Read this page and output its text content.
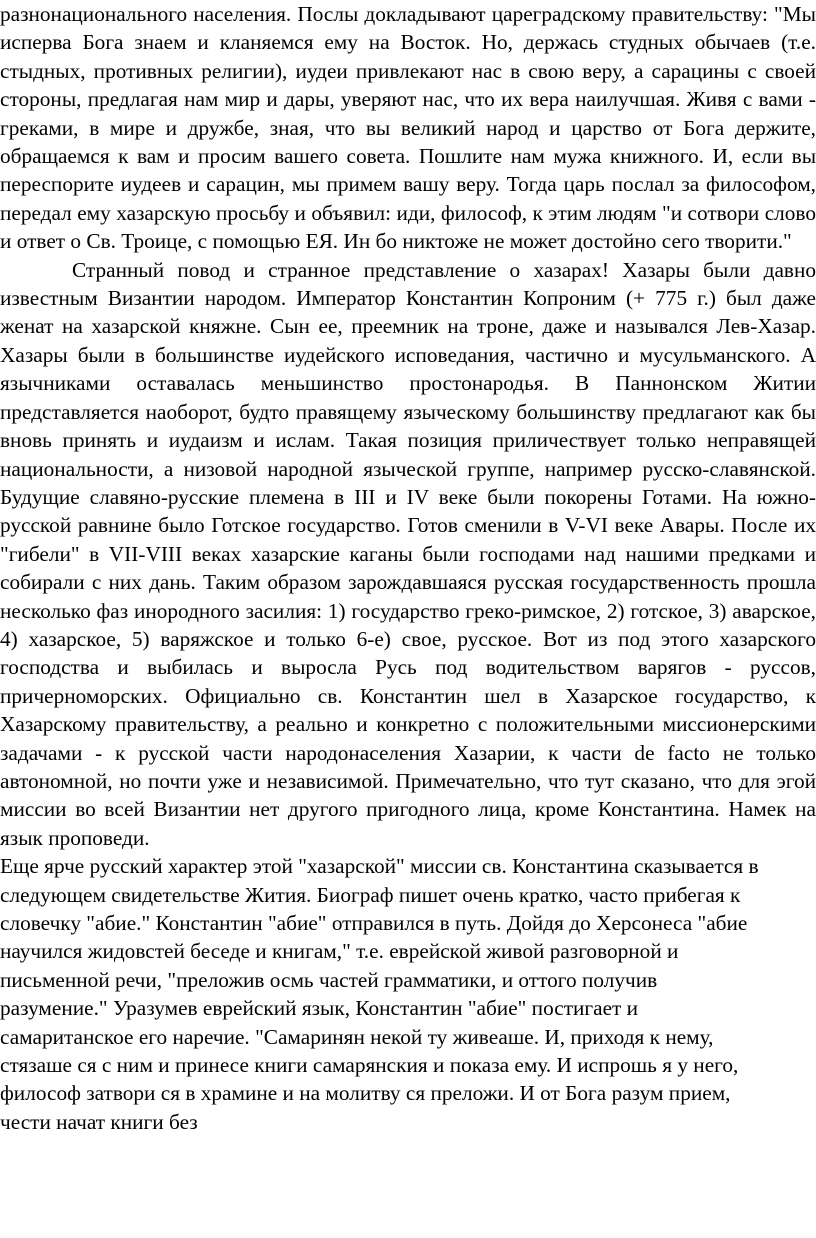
разнонационального населения. Послы докладывают цареградскому правительству: "Мы исперва Бога знаем и кланяемся ему на Восток. Но, держась студных обычаев (т.е. стыдных, противных религии), иудеи привлекают нас в свою веру, а сарацины с своей стороны, предлагая нам мир и дары, уверяют нас, что их вера наилучшая. Живя с вами - греками, в мире и дружбе, зная, что вы великий народ и царство от Бога держите, обращаемся к вам и просим вашего совета. Пошлите нам мужа книжного. И, если вы переспорите иудеев и сарацин, мы примем вашу веру. Тогда царь послал за философом, передал ему хазарскую просьбу и объявил: иди, философ, к этим людям "и сотвори слово и ответ о Св. Троице, с помощью ЕЯ. Ин бо никтоже не может достойно сего творити."

Странный повод и странное представление о хазарах! Хазары были давно известным Византии народом. Император Константин Копроним (+ 775 г.) был даже женат на хазарской княжне. Сын ее, преемник на троне, даже и назывался Лев-Хазар. Хазары были в большинстве иудейского исповедания, частично и мусульманского. А язычниками оставалась меньшинство простонародья. В Паннонском Житии представляется наоборот, будто правящему языческому большинству предлагают как бы вновь принять и иудаизм и ислам. Такая позиция приличествует только неправящей национальности, а низовой народной языческой группе, например русско-славянской. Будущие славяно-русские племена в III и IV веке были покорены Готами. На южно-русской равнине было Готское государство. Готов сменили в V-VI веке Авары. После их "гибели" в VII-VIII веках хазарские каганы были господами над нашими предками и собирали с них дань. Таким образом зарождавшаяся русская государственность прошла несколько фаз инородного засилия: 1) государство греко-римское, 2) готское, 3) аварское, 4) хазарское, 5) варяжское и только 6-е) свое, русское. Вот из под этого хазарского господства и выбилась и выросла Русь под водительством варягов - руссов, причерноморских. Официально св. Константин шел в Хазарское государство, к Хазарскому правительству, а реально и конкретно с положительными миссионерскими задачами - к русской части народонаселения Хазарии, к части de facto не только автономной, но почти уже и независимой. Примечательно, что тут сказано, что для эгой миссии во всей Византии нет другого пригодного лица, кроме Константина. Намек на язык проповеди.

Еще ярче русский характер этой "хазарской" миссии св. Константина сказывается в следующем свидетельстве Жития. Биограф пишет очень кратко, часто прибегая к словечку "абие." Константин "абие" отправился в путь. Дойдя до Херсонеса "абие научился жидовстей беседе и книгам," т.е. еврейской живой разговорной и письменной речи, "преложив осмь частей грамматики, и оттого получив разумение." Уразумев еврейский язык, Константин "абие" постигает и самаританское его наречие. "Самаринян некой ту живеаше. И, приходя к нему, стязаше ся с ним и принесе книги самарянския и показа ему. И испрошь я у него, философ затвори ся в храмине и на молитву ся преложи. И от Бога разум прием, чести начат книги без
